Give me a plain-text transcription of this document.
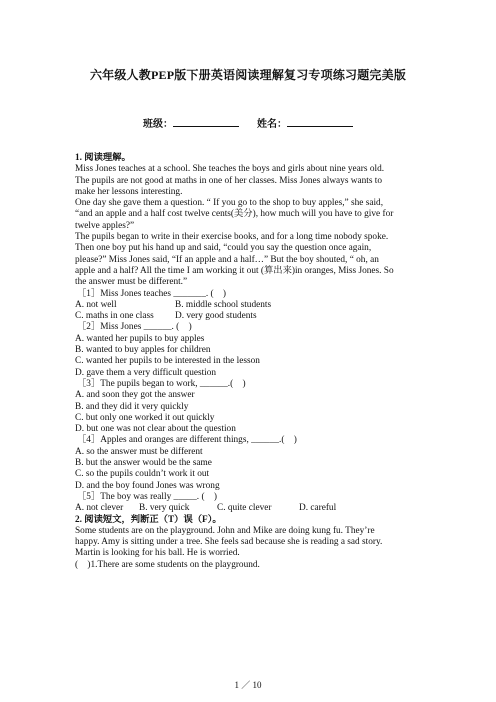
六年级人教PEP版下册英语阅读理解复习专项练习题完美版
班级：	姓名：

1. 阅读理解。

Miss Jones teaches at a school. She teaches the boys and girls about nine years old.

The pupils are not good at maths in one of her classes. Miss Jones always wants to

make her lessons interesting.

One day she gave them a question. “ If you go to the shop to buy apples,” she said,

“and an apple and a half cost twelve cents(美分), how much will you have to give for

twelve apples?”

The pupils began to write in their exercise books, and for a long time nobody spoke.

Then one boy put his hand up and said, “could you say the question once again,

please?” Miss Jones said, “If an apple and a half…” But the boy shouted, “ oh, an

apple and a half? All the time I am working it out (算出来)in oranges, Miss Jones. So

the answer must be different.”

［1］Miss Jones teaches _______. (　)

A. not well	B. middle school students

C. maths in one class D. very good students

［2］Miss Jones ______. (　)

A. wanted her pupils to buy apples

B. wanted to buy apples for children

C. wanted her pupils to be interested in the lesson

D. gave them a very difficult question

［3］The pupils began to work, ______.(　)

A. and soon they got the answer

B. and they did it very quickly

C. but only one worked it out quickly

D. but one was not clear about the question

［4］Apples and oranges are different things, ______.(　)

A. so the answer must be different

B. but the answer would be the same

C. so the pupils couldn’t work it out

D. and the boy found Jones was wrong

［5］The boy was really _____. (　)

A. not clever B. very quick	C. quite clever	D. careful

2. 阅读短文，判断正（T）误（F）。

Some students are on the playground. John and Mike are doing kung fu. They’re

happy. Amy is sitting under a tree. She feels sad because she is reading a sad story.

Martin is looking for his ball. He is worried.

(　)1.There are some students on the playground.

1 ／ 10
